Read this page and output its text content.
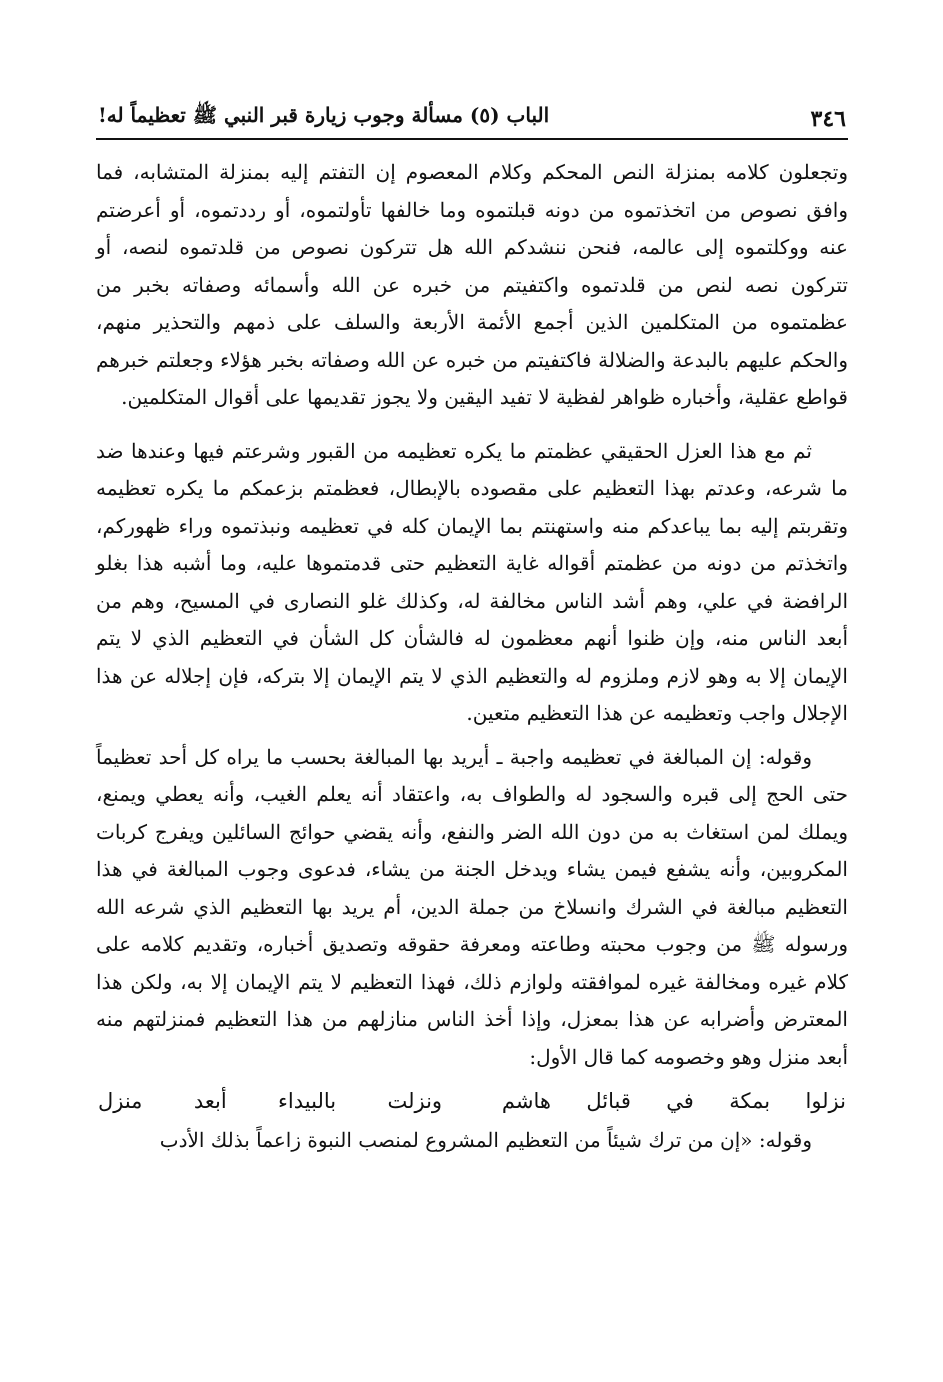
٣٤٦
الباب (٥) مسألة وجوب زيارة قبر النبي ﷺ تعظيماً له!

وتجعلون كلامه بمنزلة النص المحكم وكلام المعصوم إن التفتم إليه بمنزلة المتشابه، فما وافق نصوص من اتخذتموه من دونه قبلتموه وما خالفها تأولتموه، أو رددتموه، أو أعرضتم عنه ووكلتموه إلى عالمه، فنحن ننشدكم الله هل تتركون نصوص من قلدتموه لنصه، أو تتركون نصه لنص من قلدتموه واكتفيتم من خبره عن الله وأسمائه وصفاته بخبر من عظمتموه من المتكلمين الذين أجمع الأئمة الأربعة والسلف على ذمهم والتحذير منهم، والحكم عليهم بالبدعة والضلالة فاكتفيتم من خبره عن الله وصفاته بخبر هؤلاء وجعلتم خبرهم قواطع عقلية، وأخباره ظواهر لفظية لا تفيد اليقين ولا يجوز تقديمها على أقوال المتكلمين.

ثم مع هذا العزل الحقيقي عظمتم ما يكره تعظيمه من القبور وشرعتم فيها وعندها ضد ما شرعه، وعدتم بهذا التعظيم على مقصوده بالإبطال، فعظمتم بزعمكم ما يكره تعظيمه وتقربتم إليه بما يباعدكم منه واستهنتم بما الإيمان كله في تعظيمه ونبذتموه وراء ظهوركم، واتخذتم من دونه من عظمتم أقواله غاية التعظيم حتى قدمتموها عليه، وما أشبه هذا بغلو الرافضة في علي، وهم أشد الناس مخالفة له، وكذلك غلو النصارى في المسيح، وهم من أبعد الناس منه، وإن ظنوا أنهم معظمون له فالشأن كل الشأن في التعظيم الذي لا يتم الإيمان إلا به وهو لازم وملزوم له والتعظيم الذي لا يتم الإيمان إلا بتركه، فإن إجلاله عن هذا الإجلال واجب وتعظيمه عن هذا التعظيم متعين.

وقوله: إن المبالغة في تعظيمه واجبة ـ أيريد بها المبالغة بحسب ما يراه كل أحد تعظيماً حتى الحج إلى قبره والسجود له والطواف به، واعتقاد أنه يعلم الغيب، وأنه يعطي ويمنع، ويملك لمن استغاث به من دون الله الضر والنفع، وأنه يقضي حوائج السائلين ويفرج كربات المكروبين، وأنه يشفع فيمن يشاء ويدخل الجنة من يشاء، فدعوى وجوب المبالغة في هذا التعظيم مبالغة في الشرك وانسلاخ من جملة الدين، أم يريد بها التعظيم الذي شرعه الله ورسوله ﷺ من وجوب محبته وطاعته ومعرفة حقوقه وتصديق أخباره، وتقديم كلامه على كلام غيره ومخالفة غيره لموافقته ولوازم ذلك، فهذا التعظيم لا يتم الإيمان إلا به، ولكن هذا المعترض وأضرابه عن هذا بمعزل، وإذا أخذ الناس منازلهم من هذا التعظيم فمنزلتهم منه أبعد منزل وهو وخصومه كما قال الأول:

نزلوا بمكة في قبائل هاشم
ونزلت بالبيداء أبعد منزل

وقوله: «إن من ترك شيئاً من التعظيم المشروع لمنصب النبوة زاعماً بذلك الأدب
